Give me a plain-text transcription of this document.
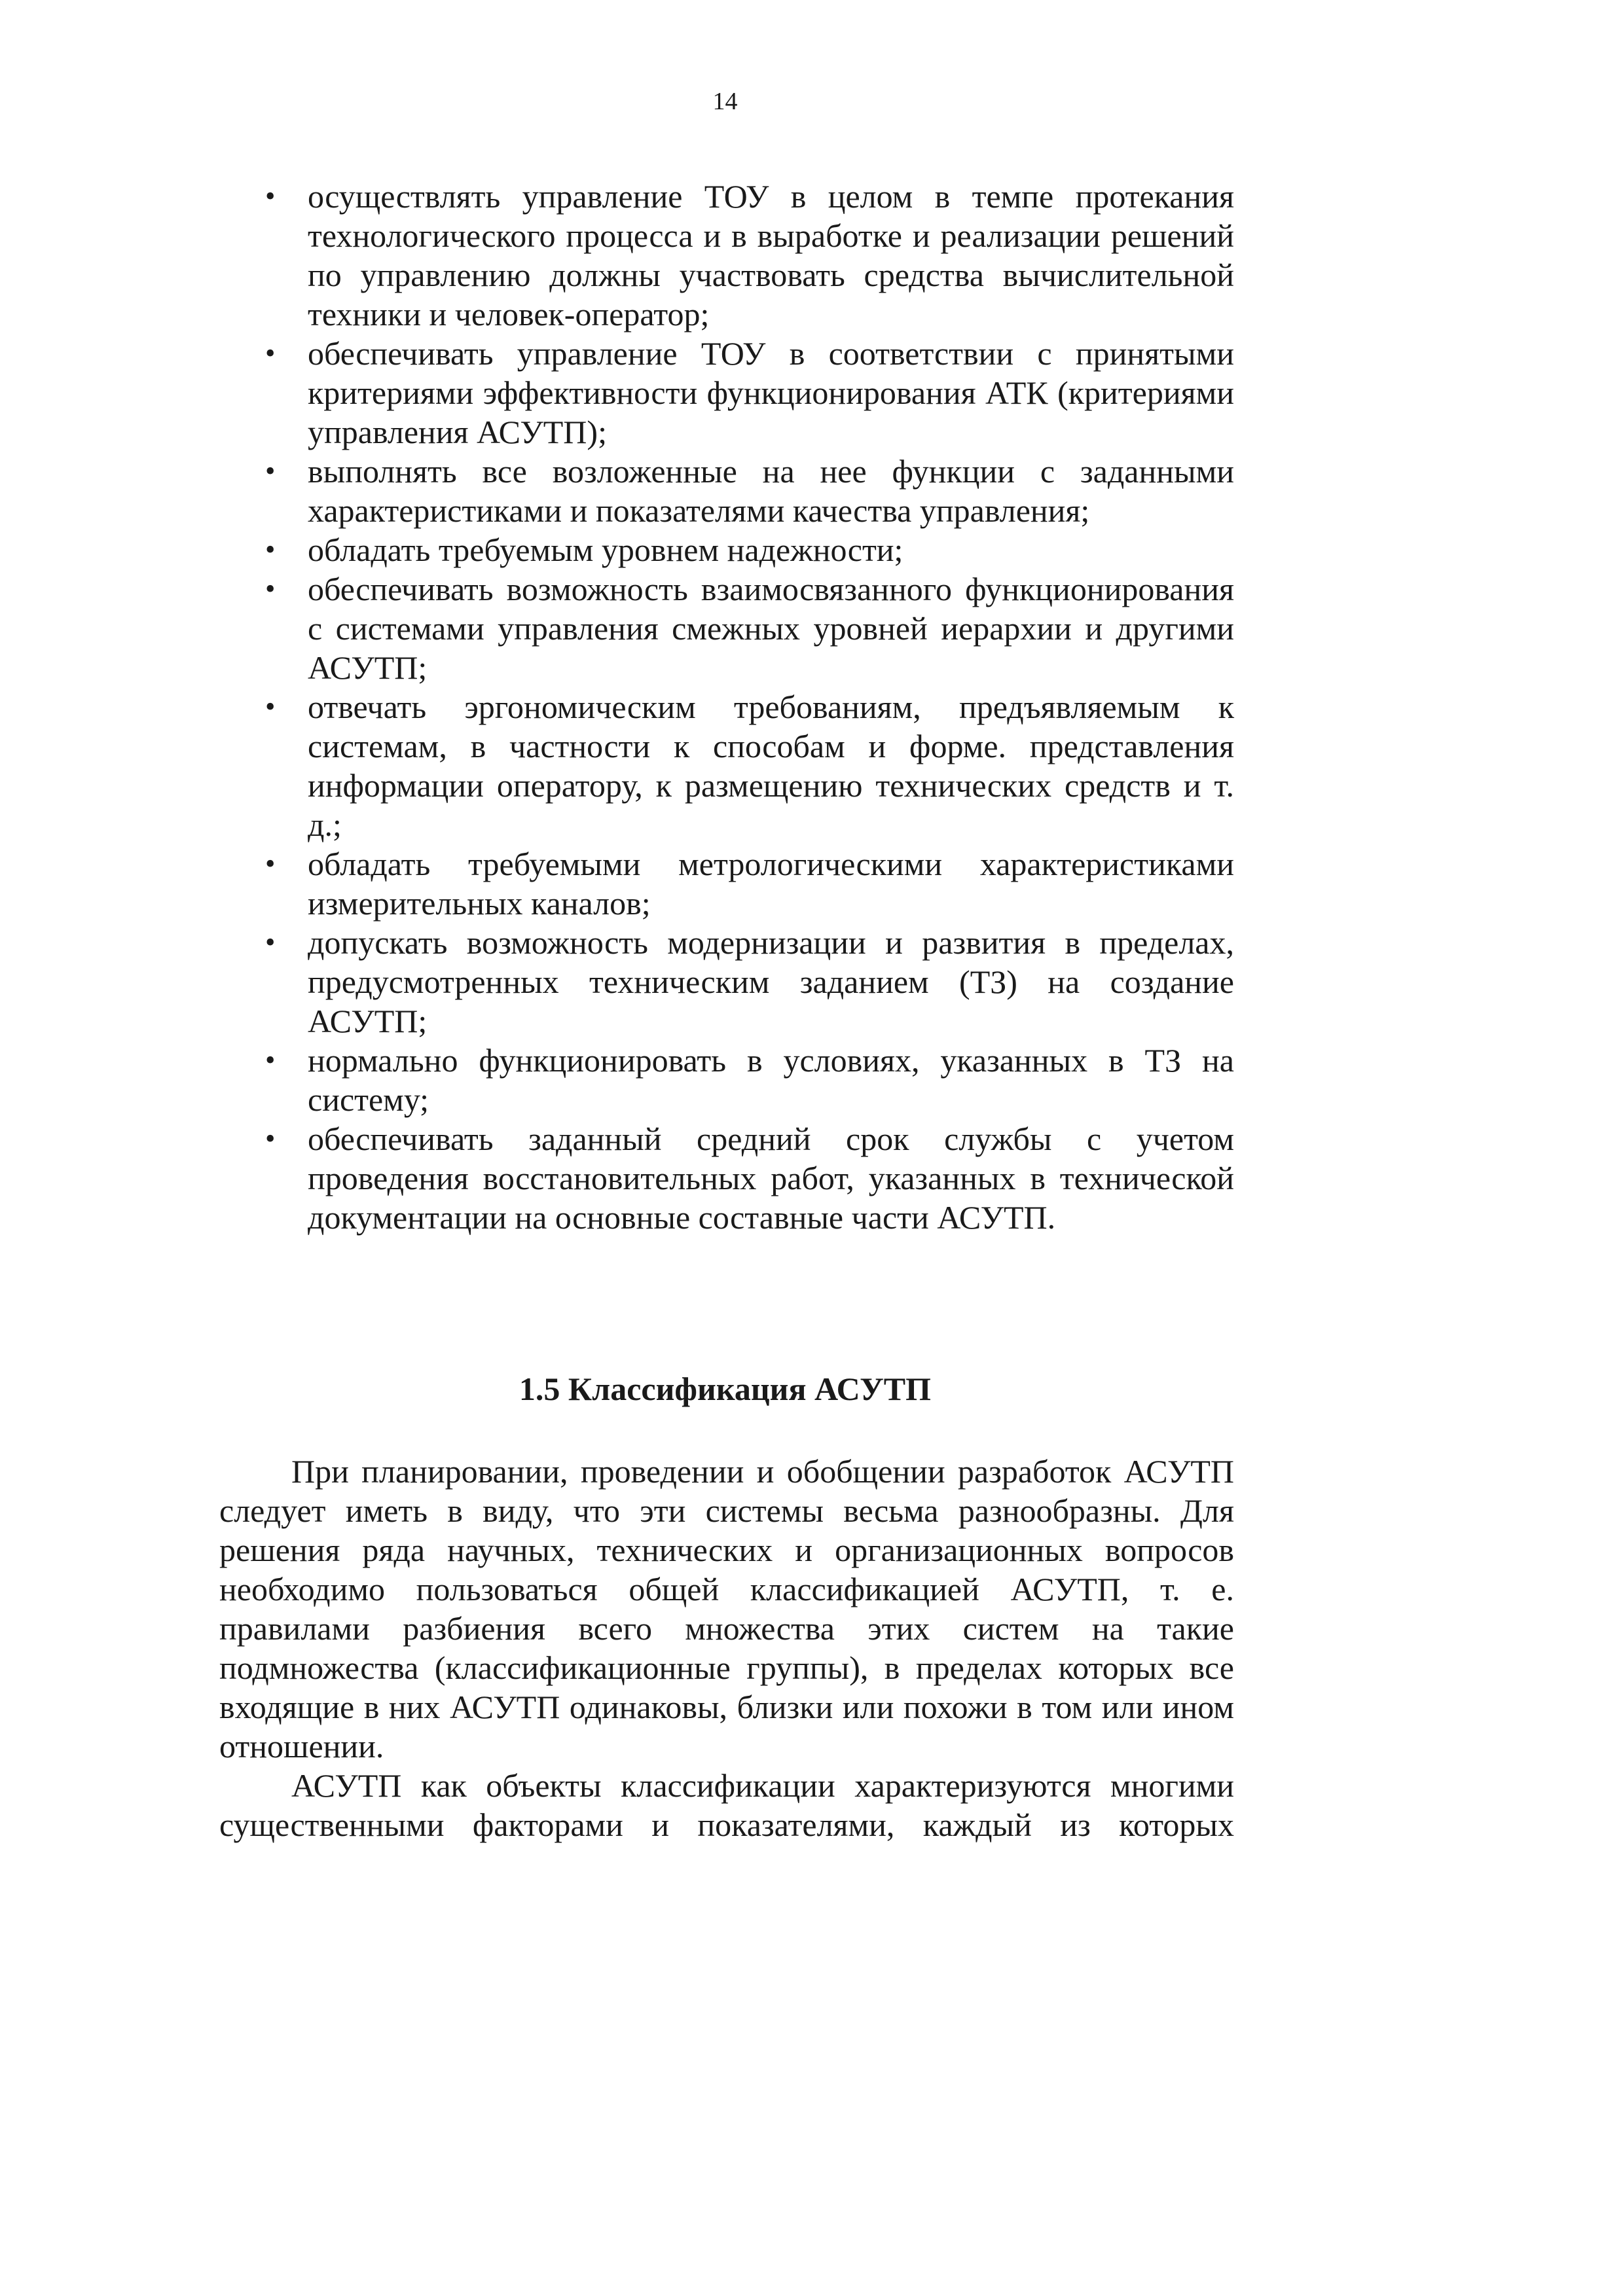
14
• осуществлять управление ТОУ в целом в темпе протекания технологического процесса и в выработке и реализации решений по управлению должны участвовать средства вычислительной техники и человек-оператор;
• обеспечивать управление ТОУ в соответствии с принятыми критериями эффективности функционирования АТК (критериями управления АСУТП);
• выполнять все возложенные на нее функции с заданными характеристиками и показателями качества управления;
• обладать требуемым уровнем надежности;
• обеспечивать возможность взаимосвязанного функционирования с системами управления смежных уровней иерархии и другими АСУТП;
• отвечать эргономическим требованиям, предъявляемым к системам, в частности к способам и форме. представления информации оператору, к размещению технических средств и т. д.;
• обладать требуемыми метрологическими характеристиками измерительных каналов;
• допускать возможность модернизации и развития в пределах, предусмотренных техническим заданием (ТЗ) на создание АСУТП;
• нормально функционировать в условиях, указанных в ТЗ на систему;
• обеспечивать заданный средний срок службы с учетом проведения восстановительных работ, указанных в технической документации на основные составные части АСУТП.
1.5 Классификация АСУТП

При планировании, проведении и обобщении разработок АСУТП следует иметь в виду, что эти системы весьма разнообразны. Для решения ряда научных, технических и организационных вопросов необходимо пользоваться общей классификацией АСУТП, т. е. правилами разбиения всего множества этих систем на такие подмножества (классификационные группы), в пределах которых все входящие в них АСУТП одинаковы, близки или похожи в том или ином отношении.

АСУТП как объекты классификации характеризуются многими существенными факторами и показателями, каждый из которых
